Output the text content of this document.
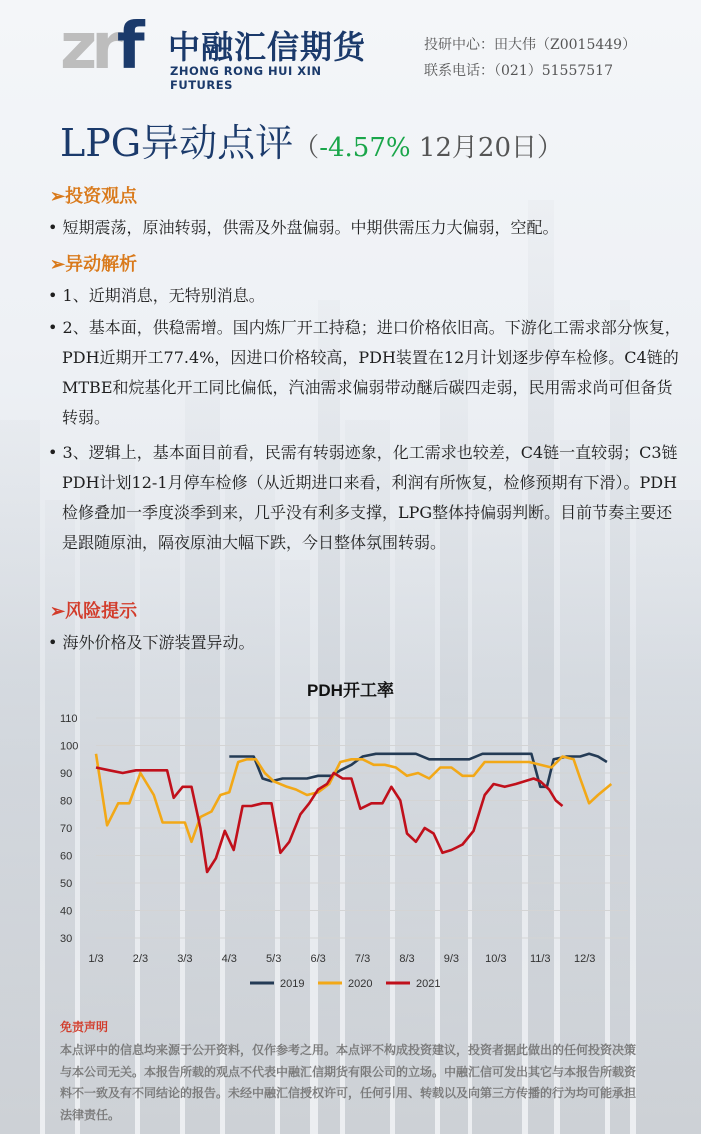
zrf 中融汇信期货
ZHONG RONG HUI XIN FUTURES
投研中心：田大伟（Z0015449）
联系电话：（021）51557517
LPG异动点评（-4.57% 12月20日）
➢投资观点
• 短期震荡，原油转弱，供需及外盘偏弱。中期供需压力大偏弱，空配。
➢异动解析
• 1、近期消息，无特别消息。
• 2、基本面，供稳需增。国内炼厂开工持稳；进口价格依旧高。下游化工需求部分恢复，PDH近期开工77.4%，因进口价格较高，PDH装置在12月计划逐步停车检修。C4链的MTBE和烷基化开工同比偏低，汽油需求偏弱带动醚后碳四走弱，民用需求尚可但备货转弱。
• 3、逻辑上，基本面目前看，民需有转弱迹象，化工需求也较差，C4链一直较弱；C3链PDH计划12-1月停车检修（从近期进口来看，利润有所恢复，检修预期有下滑）。PDH检修叠加一季度淡季到来，几乎没有利多支撑，LPG整体持偏弱判断。目前节奏主要还是跟随原油，隔夜原油大幅下跌，今日整体氛围转弱。
➢风险提示
• 海外价格及下游装置异动。
PDH开工率
30
40
50
60
70
80
90
100
110
1/3	2/3	3/3	4/3	5/3	6/3	7/3	8/3	9/3 10/3 11/3 12/3
2019	2020	2021
免责声明
本点评中的信息均来源于公开资料，仅作参考之用。本点评不构成投资建议，投资者据此做出的任何投资决策与本公司无关。本报告所载的观点不代表中融汇信期货有限公司的立场。中融汇信可发出其它与本报告所载资料不一致及有不同结论的报告。未经中融汇信授权许可，任何引用、转载以及向第三方传播的行为均可能承担法律责任。
